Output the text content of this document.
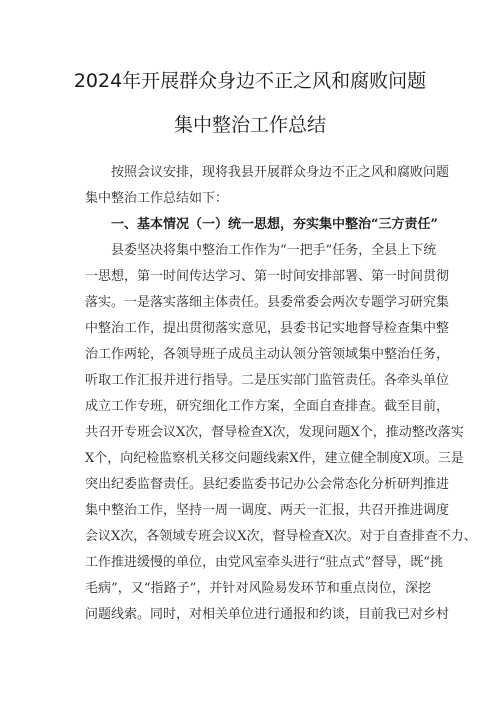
2024年开展群众身边不正之风和腐败问题
集中整治工作总结
按照会议安排，现将我县开展群众身边不正之风和腐败问题
集中整治工作总结如下：
一、基本情况（一）统一思想，夯实集中整治“三方责任”
县委坚决将集中整治工作作为“一把手”任务，全县上下统
一思想，第一时间传达学习、第一时间安排部署、第一时间贯彻
落实。一是落实落细主体责任。县委常委会两次专题学习研究集
中整治工作，提出贯彻落实意见，县委书记实地督导检查集中整
治工作两轮，各领导班子成员主动认领分管领域集中整治任务，
听取工作汇报并进行指导。二是压实部门监管责任。各牵头单位
成立工作专班，研究细化工作方案，全面自查排查。截至目前，
共召开专班会议X次，督导检查X次，发现问题X个，推动整改落实
X个，向纪检监察机关移交问题线索X件，建立健全制度X项。三是
突出纪委监督责任。县纪委监委书记办公会常态化分析研判推进
集中整治工作，坚持一周一调度、两天一汇报，共召开推进调度
会议X次，各领域专班会议X次，督导检查X次。对于自查排查不力、
工作推进缓慢的单位，由党风室牵头进行“驻点式”督导，既“挑
毛病”，又“指路子”，并针对风险易发环节和重点岗位，深挖
问题线索。同时，对相关单位进行通报和约谈，目前我已对乡村
